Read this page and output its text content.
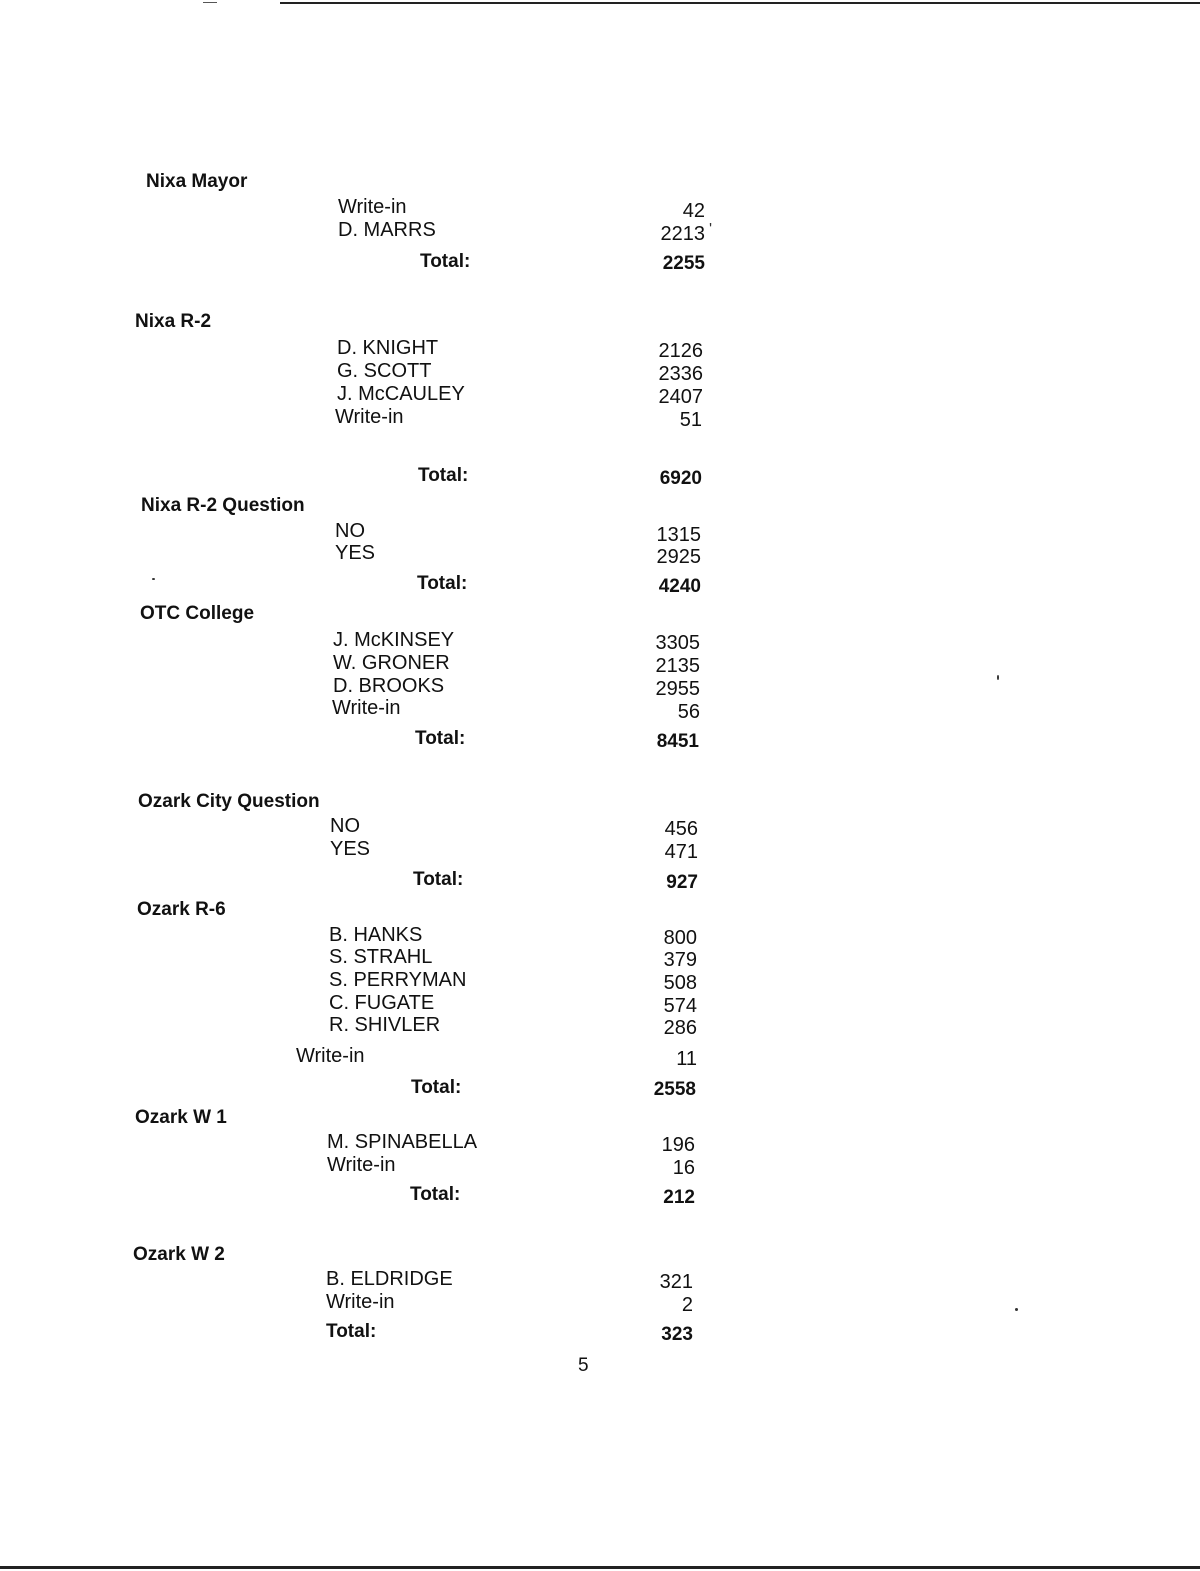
Nixa Mayor
Write-in	42
D. MARRS	2213 '
Total:	2255
Nixa R-2
D. KNIGHT	2126
G. SCOTT	2336
J. McCAULEY	2407
Write-in	51
Total:	6920
Nixa R-2 Question
NO	1315
YES	2925
Total:	4240
OTC College
J. McKINSEY	3305
W. GRONER	2135
D. BROOKS	2955
Write-in	56
Total:	8451
Ozark City Question
NO	456
YES	471
Total:	927
Ozark R-6
B. HANKS	800
S. STRAHL	379
S. PERRYMAN	508
C. FUGATE	574
R. SHIVLER	286
Write-in	11
Total:	2558
Ozark W 1
M. SPINABELLA	196
Write-in	16
Total:	212
Ozark W 2
B. ELDRIDGE	321
Write-in	2
Total:	323
5
